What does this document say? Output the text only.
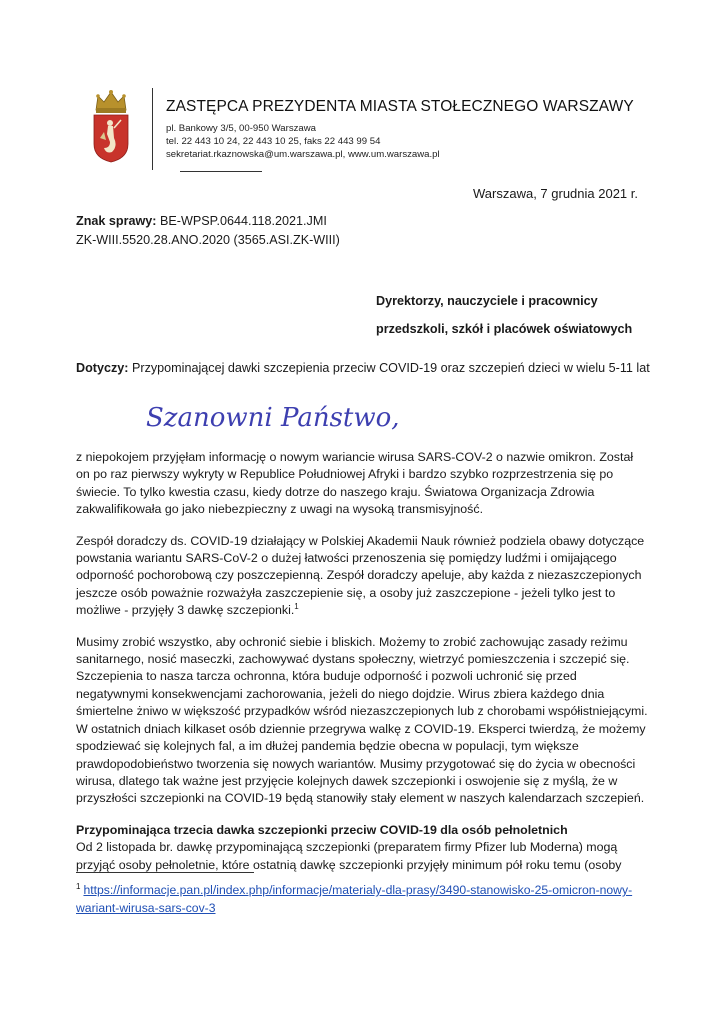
ZASTĘPCA PREZYDENTA MIASTA STOŁECZNEGO WARSZAWY
pl. Bankowy 3/5, 00-950 Warszawa
tel. 22 443 10 24, 22 443 10 25, faks 22 443 99 54
sekretariat.rkaznowska@um.warszawa.pl, www.um.warszawa.pl
Warszawa, 7 grudnia 2021 r.
Znak sprawy: BE-WPSP.0644.118.2021.JMI
ZK-WIII.5520.28.ANO.2020 (3565.ASI.ZK-WIII)
Dyrektorzy, nauczyciele i pracownicy
przedszkoli, szkół i placówek oświatowych
Dotyczy: Przypominającej dawki szczepienia przeciw COVID-19 oraz szczepień dzieci w wielu 5-11 lat
Szanowni Państwo,

z niepokojem przyjęłam informację o nowym wariancie wirusa SARS-COV-2 o nazwie omikron. Został on po raz pierwszy wykryty w Republice Południowej Afryki i bardzo szybko rozprzestrzenia się po świecie. To tylko kwestia czasu, kiedy dotrze do naszego kraju. Światowa Organizacja Zdrowia zakwalifikowała go jako niebezpieczny z uwagi na wysoką transmisyjność.

Zespół doradczy ds. COVID-19 działający w Polskiej Akademii Nauk również podziela obawy dotyczące powstania wariantu SARS-CoV-2 o dużej łatwości przenoszenia się pomiędzy ludźmi i omijającego odporność pochorobową czy poszczepienną. Zespół doradczy apeluje, aby każda z niezaszczepionych jeszcze osób poważnie rozważyła zaszczepienie się, a osoby już zaszczepione - jeżeli tylko jest to możliwe - przyjęły 3 dawkę szczepionki.$^1$

Musimy zrobić wszystko, aby ochronić siebie i bliskich. Możemy to zrobić zachowując zasady reżimu sanitarnego, nosić maseczki, zachowywać dystans społeczny, wietrzyć pomieszczenia i szczepić się. Szczepienia to nasza tarcza ochronna, która buduje odporność i pozwoli uchronić się przed negatywnymi konsekwencjami zachorowania, jeżeli do niego dojdzie. Wirus zbiera każdego dnia śmiertelne żniwo w większość przypadków wśród niezaszczepionych lub z chorobami współistniejącymi. W ostatnich dniach kilkaset osób dziennie przegrywa walkę z COVID-19. Eksperci twierdzą, że możemy spodziewać się kolejnych fal, a im dłużej pandemia będzie obecna w populacji, tym większe prawdopodobieństwo tworzenia się nowych wariantów. Musimy przygotować się do życia w obecności wirusa, dlatego tak ważne jest przyjęcie kolejnych dawek szczepionki i oswojenie się z myślą, że w przyszłości szczepionki na COVID-19 będą stanowiły stały element w naszych kalendarzach szczepień.

Przypominająca trzecia dawka szczepionki przeciw COVID-19 dla osób pełnoletnich

Od 2 listopada br. dawkę przypominającą szczepionki (preparatem firmy Pfizer lub Moderna) mogą przyjąć osoby pełnoletnie, które ostatnią dawkę szczepionki przyjęły minimum pół roku temu (osoby

$^1$ https://informacje.pan.pl/index.php/informacje/materialy-dla-prasy/3490-stanowisko-25-omicron-nowy-wariant-wirusa-sars-cov-3
